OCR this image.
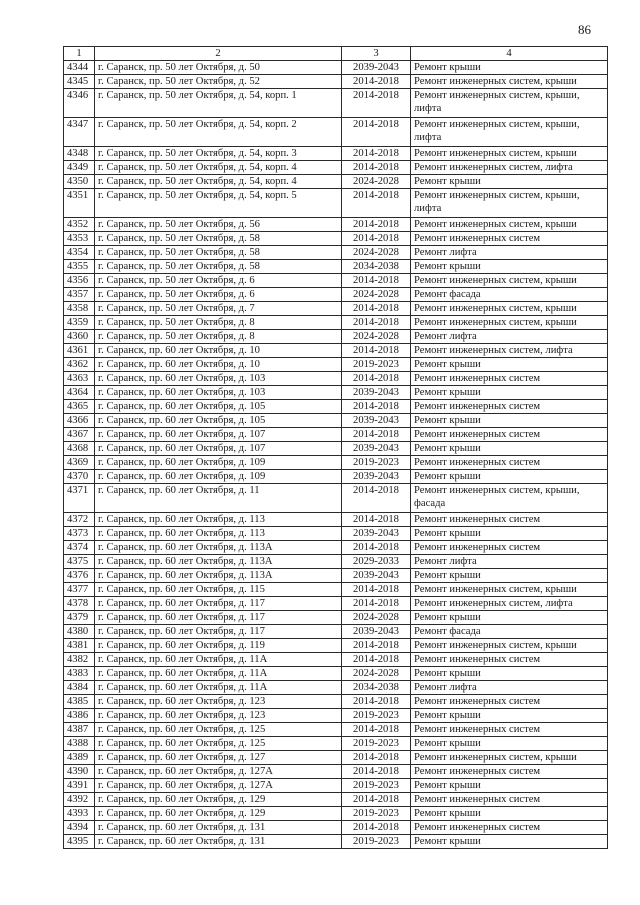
86
1	2	3	4
4344	г. Саранск, пр. 50 лет Октября, д. 50	2039-2043	Ремонт крыши
4345	г. Саранск, пр. 50 лет Октября, д. 52	2014-2018	Ремонт инженерных систем, крыши
4346	г. Саранск, пр. 50 лет Октября, д. 54, корп. 1	2014-2018	Ремонт инженерных систем, крыши, лифта
4347	г. Саранск, пр. 50 лет Октября, д. 54, корп. 2	2014-2018	Ремонт инженерных систем, крыши, лифта
4348	г. Саранск, пр. 50 лет Октября, д. 54, корп. 3	2014-2018	Ремонт инженерных систем, крыши
4349	г. Саранск, пр. 50 лет Октября, д. 54, корп. 4	2014-2018	Ремонт инженерных систем, лифта
4350	г. Саранск, пр. 50 лет Октября, д. 54, корп. 4	2024-2028	Ремонт крыши
4351	г. Саранск, пр. 50 лет Октября, д. 54, корп. 5	2014-2018	Ремонт инженерных систем, крыши, лифта
4352	г. Саранск, пр. 50 лет Октября, д. 56	2014-2018	Ремонт инженерных систем, крыши
4353	г. Саранск, пр. 50 лет Октября, д. 58	2014-2018	Ремонт инженерных систем
4354	г. Саранск, пр. 50 лет Октября, д. 58	2024-2028	Ремонт лифта
4355	г. Саранск, пр. 50 лет Октября, д. 58	2034-2038	Ремонт крыши
4356	г. Саранск, пр. 50 лет Октября, д. 6	2014-2018	Ремонт инженерных систем, крыши
4357	г. Саранск, пр. 50 лет Октября, д. 6	2024-2028	Ремонт фасада
4358	г. Саранск, пр. 50 лет Октября, д. 7	2014-2018	Ремонт инженерных систем, крыши
4359	г. Саранск, пр. 50 лет Октября, д. 8	2014-2018	Ремонт инженерных систем, крыши
4360	г. Саранск, пр. 50 лет Октября, д. 8	2024-2028	Ремонт лифта
4361	г. Саранск, пр. 60 лет Октября, д. 10	2014-2018	Ремонт инженерных систем, лифта
4362	г. Саранск, пр. 60 лет Октября, д. 10	2019-2023	Ремонт крыши
4363	г. Саранск, пр. 60 лет Октября, д. 103	2014-2018	Ремонт инженерных систем
4364	г. Саранск, пр. 60 лет Октября, д. 103	2039-2043	Ремонт крыши
4365	г. Саранск, пр. 60 лет Октября, д. 105	2014-2018	Ремонт инженерных систем
4366	г. Саранск, пр. 60 лет Октября, д. 105	2039-2043	Ремонт крыши
4367	г. Саранск, пр. 60 лет Октября, д. 107	2014-2018	Ремонт инженерных систем
4368	г. Саранск, пр. 60 лет Октября, д. 107	2039-2043	Ремонт крыши
4369	г. Саранск, пр. 60 лет Октября, д. 109	2019-2023	Ремонт инженерных систем
4370	г. Саранск, пр. 60 лет Октября, д. 109	2039-2043	Ремонт крыши
4371	г. Саранск, пр. 60 лет Октября, д. 11	2014-2018	Ремонт инженерных систем, крыши, фасада
4372	г. Саранск, пр. 60 лет Октября, д. 113	2014-2018	Ремонт инженерных систем
4373	г. Саранск, пр. 60 лет Октября, д. 113	2039-2043	Ремонт крыши
4374	г. Саранск, пр. 60 лет Октября, д. 113А	2014-2018	Ремонт инженерных систем
4375	г. Саранск, пр. 60 лет Октября, д. 113А	2029-2033	Ремонт лифта
4376	г. Саранск, пр. 60 лет Октября, д. 113А	2039-2043	Ремонт крыши
4377	г. Саранск, пр. 60 лет Октября, д. 115	2014-2018	Ремонт инженерных систем, крыши
4378	г. Саранск, пр. 60 лет Октября, д. 117	2014-2018	Ремонт инженерных систем, лифта
4379	г. Саранск, пр. 60 лет Октября, д. 117	2024-2028	Ремонт крыши
4380	г. Саранск, пр. 60 лет Октября, д. 117	2039-2043	Ремонт фасада
4381	г. Саранск, пр. 60 лет Октября, д. 119	2014-2018	Ремонт инженерных систем, крыши
4382	г. Саранск, пр. 60 лет Октября, д. 11А	2014-2018	Ремонт инженерных систем
4383	г. Саранск, пр. 60 лет Октября, д. 11А	2024-2028	Ремонт крыши
4384	г. Саранск, пр. 60 лет Октября, д. 11А	2034-2038	Ремонт лифта
4385	г. Саранск, пр. 60 лет Октября, д. 123	2014-2018	Ремонт инженерных систем
4386	г. Саранск, пр. 60 лет Октября, д. 123	2019-2023	Ремонт крыши
4387	г. Саранск, пр. 60 лет Октября, д. 125	2014-2018	Ремонт инженерных систем
4388	г. Саранск, пр. 60 лет Октября, д. 125	2019-2023	Ремонт крыши
4389	г. Саранск, пр. 60 лет Октября, д. 127	2014-2018	Ремонт инженерных систем, крыши
4390	г. Саранск, пр. 60 лет Октября, д. 127А	2014-2018	Ремонт инженерных систем
4391	г. Саранск, пр. 60 лет Октября, д. 127А	2019-2023	Ремонт крыши
4392	г. Саранск, пр. 60 лет Октября, д. 129	2014-2018	Ремонт инженерных систем
4393	г. Саранск, пр. 60 лет Октября, д. 129	2019-2023	Ремонт крыши
4394	г. Саранск, пр. 60 лет Октября, д. 131	2014-2018	Ремонт инженерных систем
4395	г. Саранск, пр. 60 лет Октября, д. 131	2019-2023	Ремонт крыши
